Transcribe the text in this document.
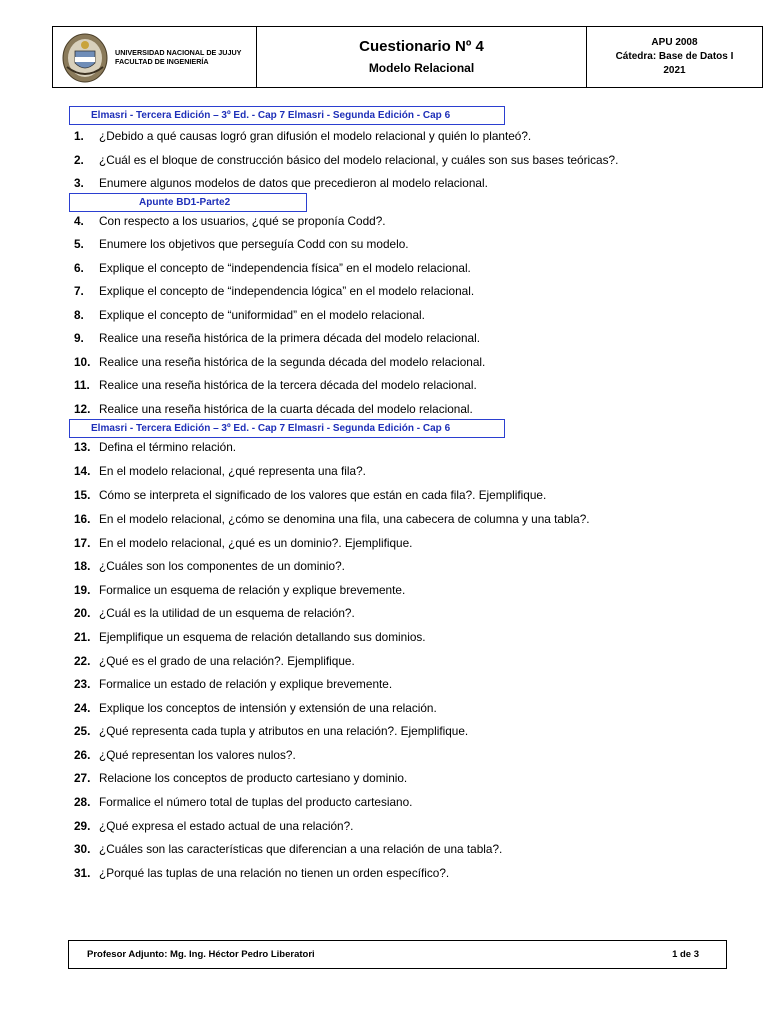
UNIVERSIDAD NACIONAL DE JUJUY
FACULTAD DE INGENIERÍA
Cuestionario Nº 4
Modelo Relacional
APU 2008
Cátedra: Base de Datos I
2021
Elmasri - Tercera Edición – 3º Ed. - Cap 7 Elmasri - Segunda Edición - Cap 6
Apunte BD1-Parte2
Elmasri - Tercera Edición – 3º Ed. - Cap 7 Elmasri - Segunda Edición - Cap 6
1.	¿Debido a qué causas logró gran difusión el modelo relacional y quién lo planteó?.
2.	¿Cuál es el bloque de construcción básico del modelo relacional, y cuáles son sus bases teóricas?.
3.	Enumere algunos modelos de datos que precedieron al modelo relacional.
4.	Con respecto a los usuarios, ¿qué se proponía Codd?.
5.	Enumere los objetivos que perseguía Codd con su modelo.
6.	Explique el concepto de “independencia física” en el modelo relacional.
7.	Explique el concepto de “independencia lógica” en el modelo relacional.
8.	Explique el concepto de “uniformidad” en el modelo relacional.
9.	Realice una reseña histórica de la primera década del modelo relacional.
10. Realice una reseña histórica de la segunda década del modelo relacional.
11. Realice una reseña histórica de la tercera década del modelo relacional.
12. Realice una reseña histórica de la cuarta década del modelo relacional.
13. Defina el término relación.
14. En el modelo relacional, ¿qué representa una fila?.
15. Cómo se interpreta el significado de los valores que están en cada fila?. Ejemplifique.
16. En el modelo relacional, ¿cómo se denomina una fila, una cabecera de columna y una tabla?.
17. En el modelo relacional, ¿qué es un dominio?. Ejemplifique.
18. ¿Cuáles son los componentes de un dominio?.
19. Formalice un esquema de relación y explique brevemente.
20. ¿Cuál es la utilidad de un esquema de relación?.
21. Ejemplifique un esquema de relación detallando sus dominios.
22. ¿Qué es el grado de una relación?. Ejemplifique.
23. Formalice un estado de relación y explique brevemente.
24. Explique los conceptos de intensión y extensión de una relación.
25. ¿Qué representa cada tupla y atributos en una relación?. Ejemplifique.
26. ¿Qué representan los valores nulos?.
27. Relacione los conceptos de producto cartesiano y dominio.
28. Formalice el número total de tuplas del producto cartesiano.
29. ¿Qué expresa el estado actual de una relación?.
30. ¿Cuáles son las características que diferencian a una relación de una tabla?.
31. ¿Porqué las tuplas de una relación no tienen un orden específico?.
Profesor Adjunto: Mg. Ing. Héctor Pedro Liberatori	1 de 3
